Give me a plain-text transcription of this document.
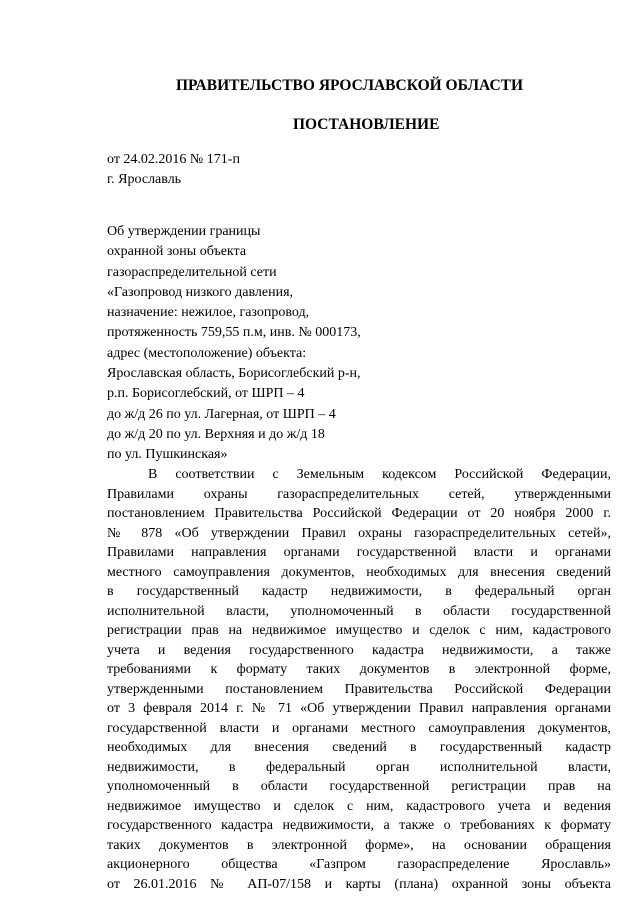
ПРАВИТЕЛЬСТВО ЯРОСЛАВСКОЙ ОБЛАСТИ
ПОСТАНОВЛЕНИЕ
от 24.02.2016 № 171-п
г. Ярославль
Об утверждении границы
охранной зоны объекта
газораспределительной сети
«Газопровод низкого давления,
назначение: нежилое, газопровод,
протяженность 759,55 п.м, инв. № 000173,
адрес (местоположение) объекта:
Ярославская область, Борисоглебский р-н,
р.п. Борисоглебский, от ШРП – 4
до ж/д 26 по ул. Лагерная, от ШРП – 4
до ж/д 20 по ул. Верхняя и до ж/д 18
по ул. Пушкинская»
В соответствии с Земельным кодексом Российской Федерации,
Правилами охраны газораспределительных сетей, утвержденными
постановлением Правительства Российской Федерации от 20 ноября 2000 г.
№ 878 «Об утверждении Правил охраны газораспределительных сетей»,
Правилами направления органами государственной власти и органами
местного самоуправления документов, необходимых для внесения сведений
в государственный кадастр недвижимости, в федеральный орган
исполнительной власти, уполномоченный в области государственной
регистрации прав на недвижимое имущество и сделок с ним, кадастрового
учета и ведения государственного кадастра недвижимости, а также
требованиями к формату таких документов в электронной форме,
утвержденными постановлением Правительства Российской Федерации
от 3 февраля 2014 г. № 71 «Об утверждении Правил направления органами
государственной власти и органами местного самоуправления документов,
необходимых для внесения сведений в государственный кадастр
недвижимости, в федеральный орган исполнительной власти,
уполномоченный в области государственной регистрации прав на
недвижимое имущество и сделок с ним, кадастрового учета и ведения
государственного кадастра недвижимости, а также о требованиях к формату
таких документов в электронной форме», на основании обращения
акционерного общества «Газпром газораспределение Ярославль»
от 26.01.2016 № АП-07/158 и карты (плана) охранной зоны объекта
